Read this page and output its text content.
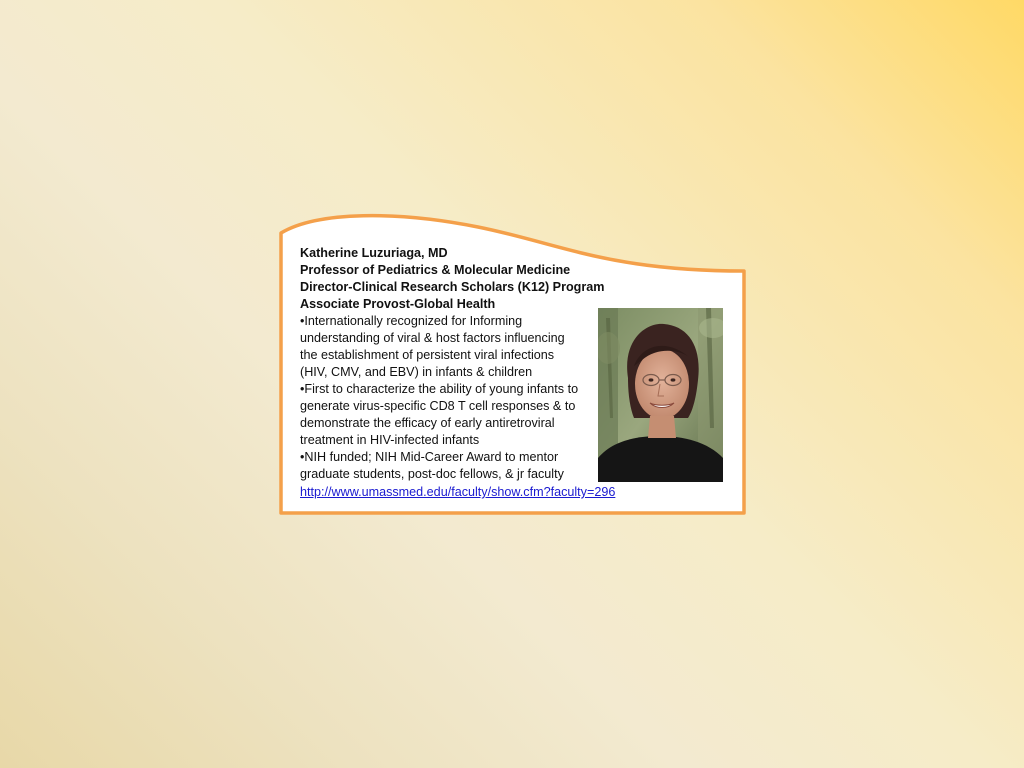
Katherine Luzuriaga, MD
Professor of Pediatrics & Molecular Medicine
Director-Clinical Research Scholars (K12) Program
Associate Provost-Global Health
•Internationally recognized for Informing
understanding of viral & host factors influencing
the establishment of persistent viral infections
(HIV, CMV, and EBV) in infants & children
•First to characterize the ability of young infants to
generate virus-specific CD8 T cell responses & to
demonstrate the efficacy of early antiretroviral
treatment in HIV-infected infants
•NIH funded; NIH Mid-Career Award to mentor
graduate students, post-doc fellows, & jr faculty
http://www.umassmed.edu/faculty/show.cfm?faculty=296
